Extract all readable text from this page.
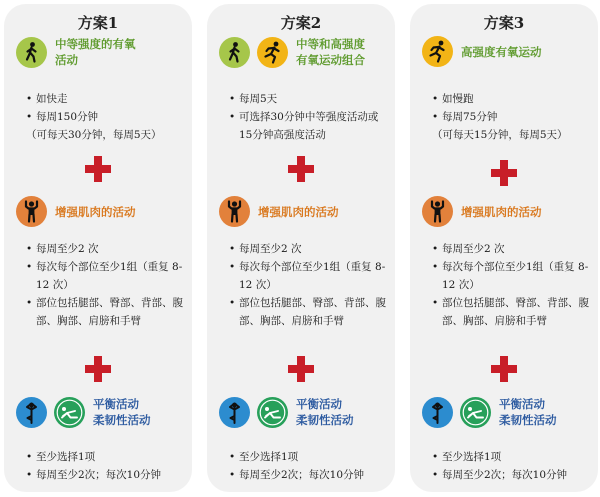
方案1
中等强度的有氧
活动
• 如快走
• 每周150分钟
（可每天30分钟，每周5天）
增强肌肉的活动
• 每周至少2 次
• 每次每个部位至少1组（重复 8-12 次）
• 部位包括腿部、臀部、背部、腹部、胸部、肩膀和手臂
平衡活动
柔韧性活动
• 至少选择1项
• 每周至少2次；每次10分钟
方案2
中等和高强度
有氧运动组合
• 每周5天
• 可选择30分钟中等强度活动或15分钟高强度活动
增强肌肉的活动
• 每周至少2 次
• 每次每个部位至少1组（重复 8-12 次）
• 部位包括腿部、臀部、背部、腹部、胸部、肩膀和手臂
平衡活动
柔韧性活动
• 至少选择1项
• 每周至少2次；每次10分钟
方案3
高强度有氧运动
• 如慢跑
• 每周75分钟
（可每天15分钟，每周5天）
增强肌肉的活动
• 每周至少2 次
• 每次每个部位至少1组（重复 8-12 次）
• 部位包括腿部、臀部、背部、腹部、胸部、肩膀和手臂
平衡活动
柔韧性活动
• 至少选择1项
• 每周至少2次；每次10分钟
